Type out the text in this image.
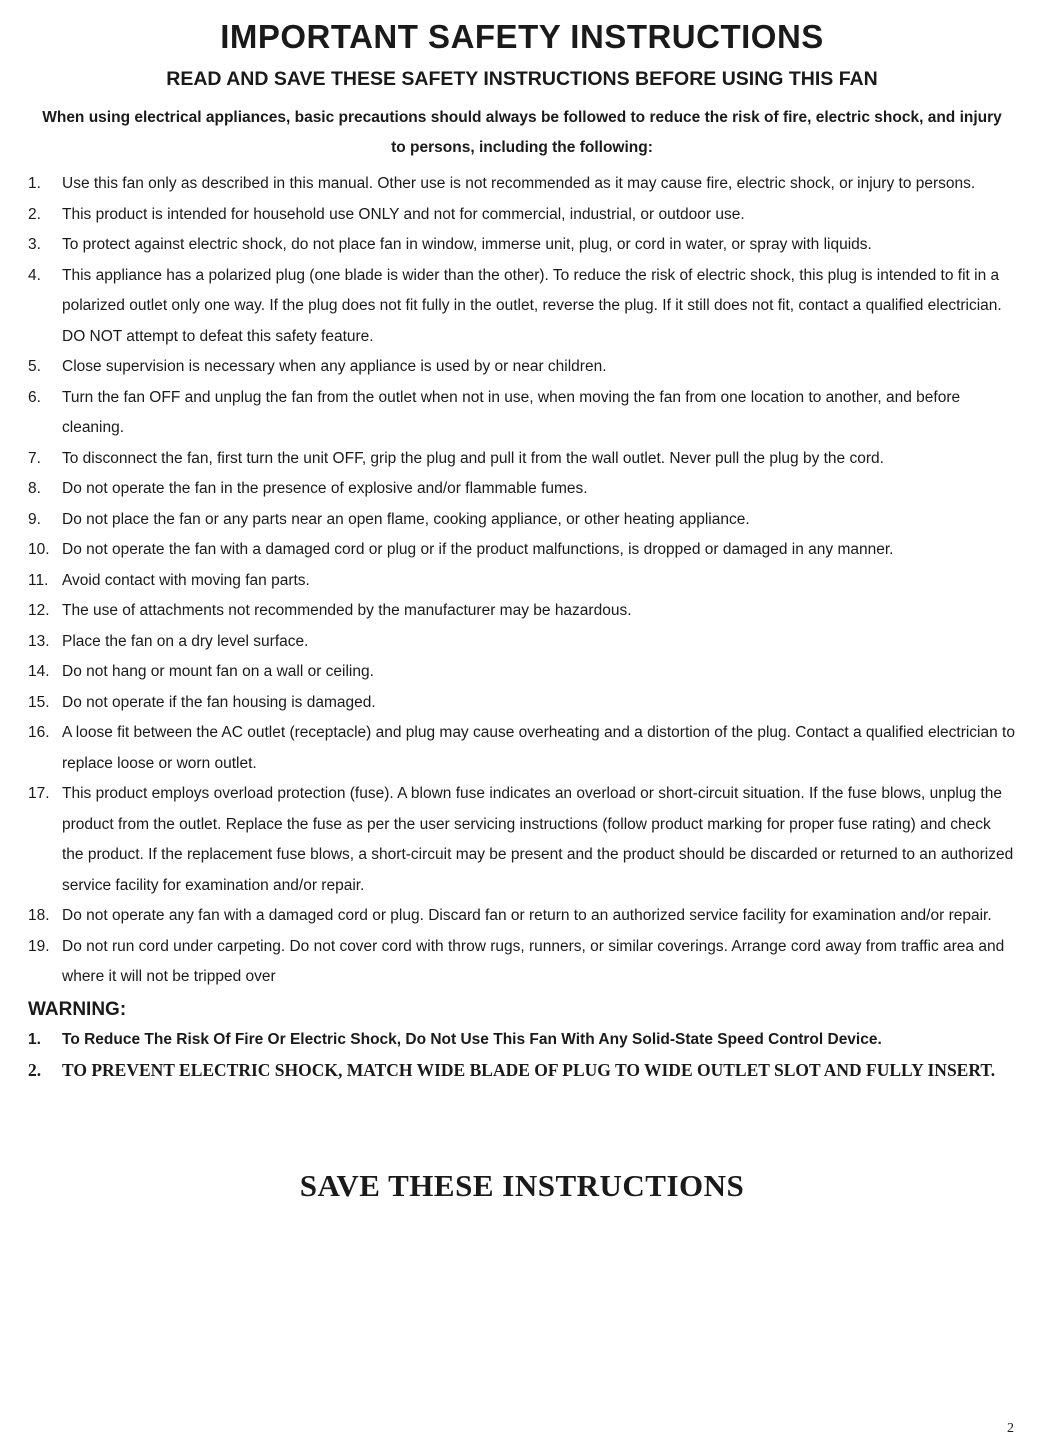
IMPORTANT SAFETY INSTRUCTIONS
READ AND SAVE THESE SAFETY INSTRUCTIONS BEFORE USING THIS FAN

When using electrical appliances, basic precautions should always be followed to reduce the risk of fire, electric shock, and injury to persons, including the following:

1.	Use this fan only as described in this manual. Other use is not recommended as it may cause fire, electric shock, or injury to persons.
2.	This product is intended for household use ONLY and not for commercial, industrial, or outdoor use.
3.	To protect against electric shock, do not place fan in window, immerse unit, plug, or cord in water, or spray with liquids.
4.	This appliance has a polarized plug (one blade is wider than the other). To reduce the risk of electric shock, this plug is intended to fit in a polarized outlet only one way. If the plug does not fit fully in the outlet, reverse the plug. If it still does not fit, contact a qualified electrician. DO NOT attempt to defeat this safety feature.
5.	Close supervision is necessary when any appliance is used by or near children.
6.	Turn the fan OFF and unplug the fan from the outlet when not in use, when moving the fan from one location to another, and before cleaning.
7.	To disconnect the fan, first turn the unit OFF, grip the plug and pull it from the wall outlet. Never pull the plug by the cord.
8.	Do not operate the fan in the presence of explosive and/or flammable fumes.
9.	Do not place the fan or any parts near an open flame, cooking appliance, or other heating appliance.
10. Do not operate the fan with a damaged cord or plug or if the product malfunctions, is dropped or damaged in any manner.
11. Avoid contact with moving fan parts.
12. The use of attachments not recommended by the manufacturer may be hazardous.
13. Place the fan on a dry level surface.
14. Do not hang or mount fan on a wall or ceiling.
15. Do not operate if the fan housing is damaged.
16. A loose fit between the AC outlet (receptacle) and plug may cause overheating and a distortion of the plug. Contact a qualified electrician to replace loose or worn outlet.
17. This product employs overload protection (fuse). A blown fuse indicates an overload or short-circuit situation. If the fuse blows, unplug the product from the outlet. Replace the fuse as per the user servicing instructions (follow product marking for proper fuse rating) and check the product. If the replacement fuse blows, a short-circuit may be present and the product should be discarded or returned to an authorized service facility for examination and/or repair.
18. Do not operate any fan with a damaged cord or plug. Discard fan or return to an authorized service facility for examination and/or repair.
19. Do not run cord under carpeting. Do not cover cord with throw rugs, runners, or similar coverings. Arrange cord away from traffic area and where it will not be tripped over
WARNING:
1.	To Reduce The Risk Of Fire Or Electric Shock, Do Not Use This Fan With Any Solid-State Speed Control Device.
2.	TO PREVENT ELECTRIC SHOCK, MATCH WIDE BLADE OF PLUG TO WIDE OUTLET SLOT AND FULLY INSERT.
SAVE THESE INSTRUCTIONS
2
